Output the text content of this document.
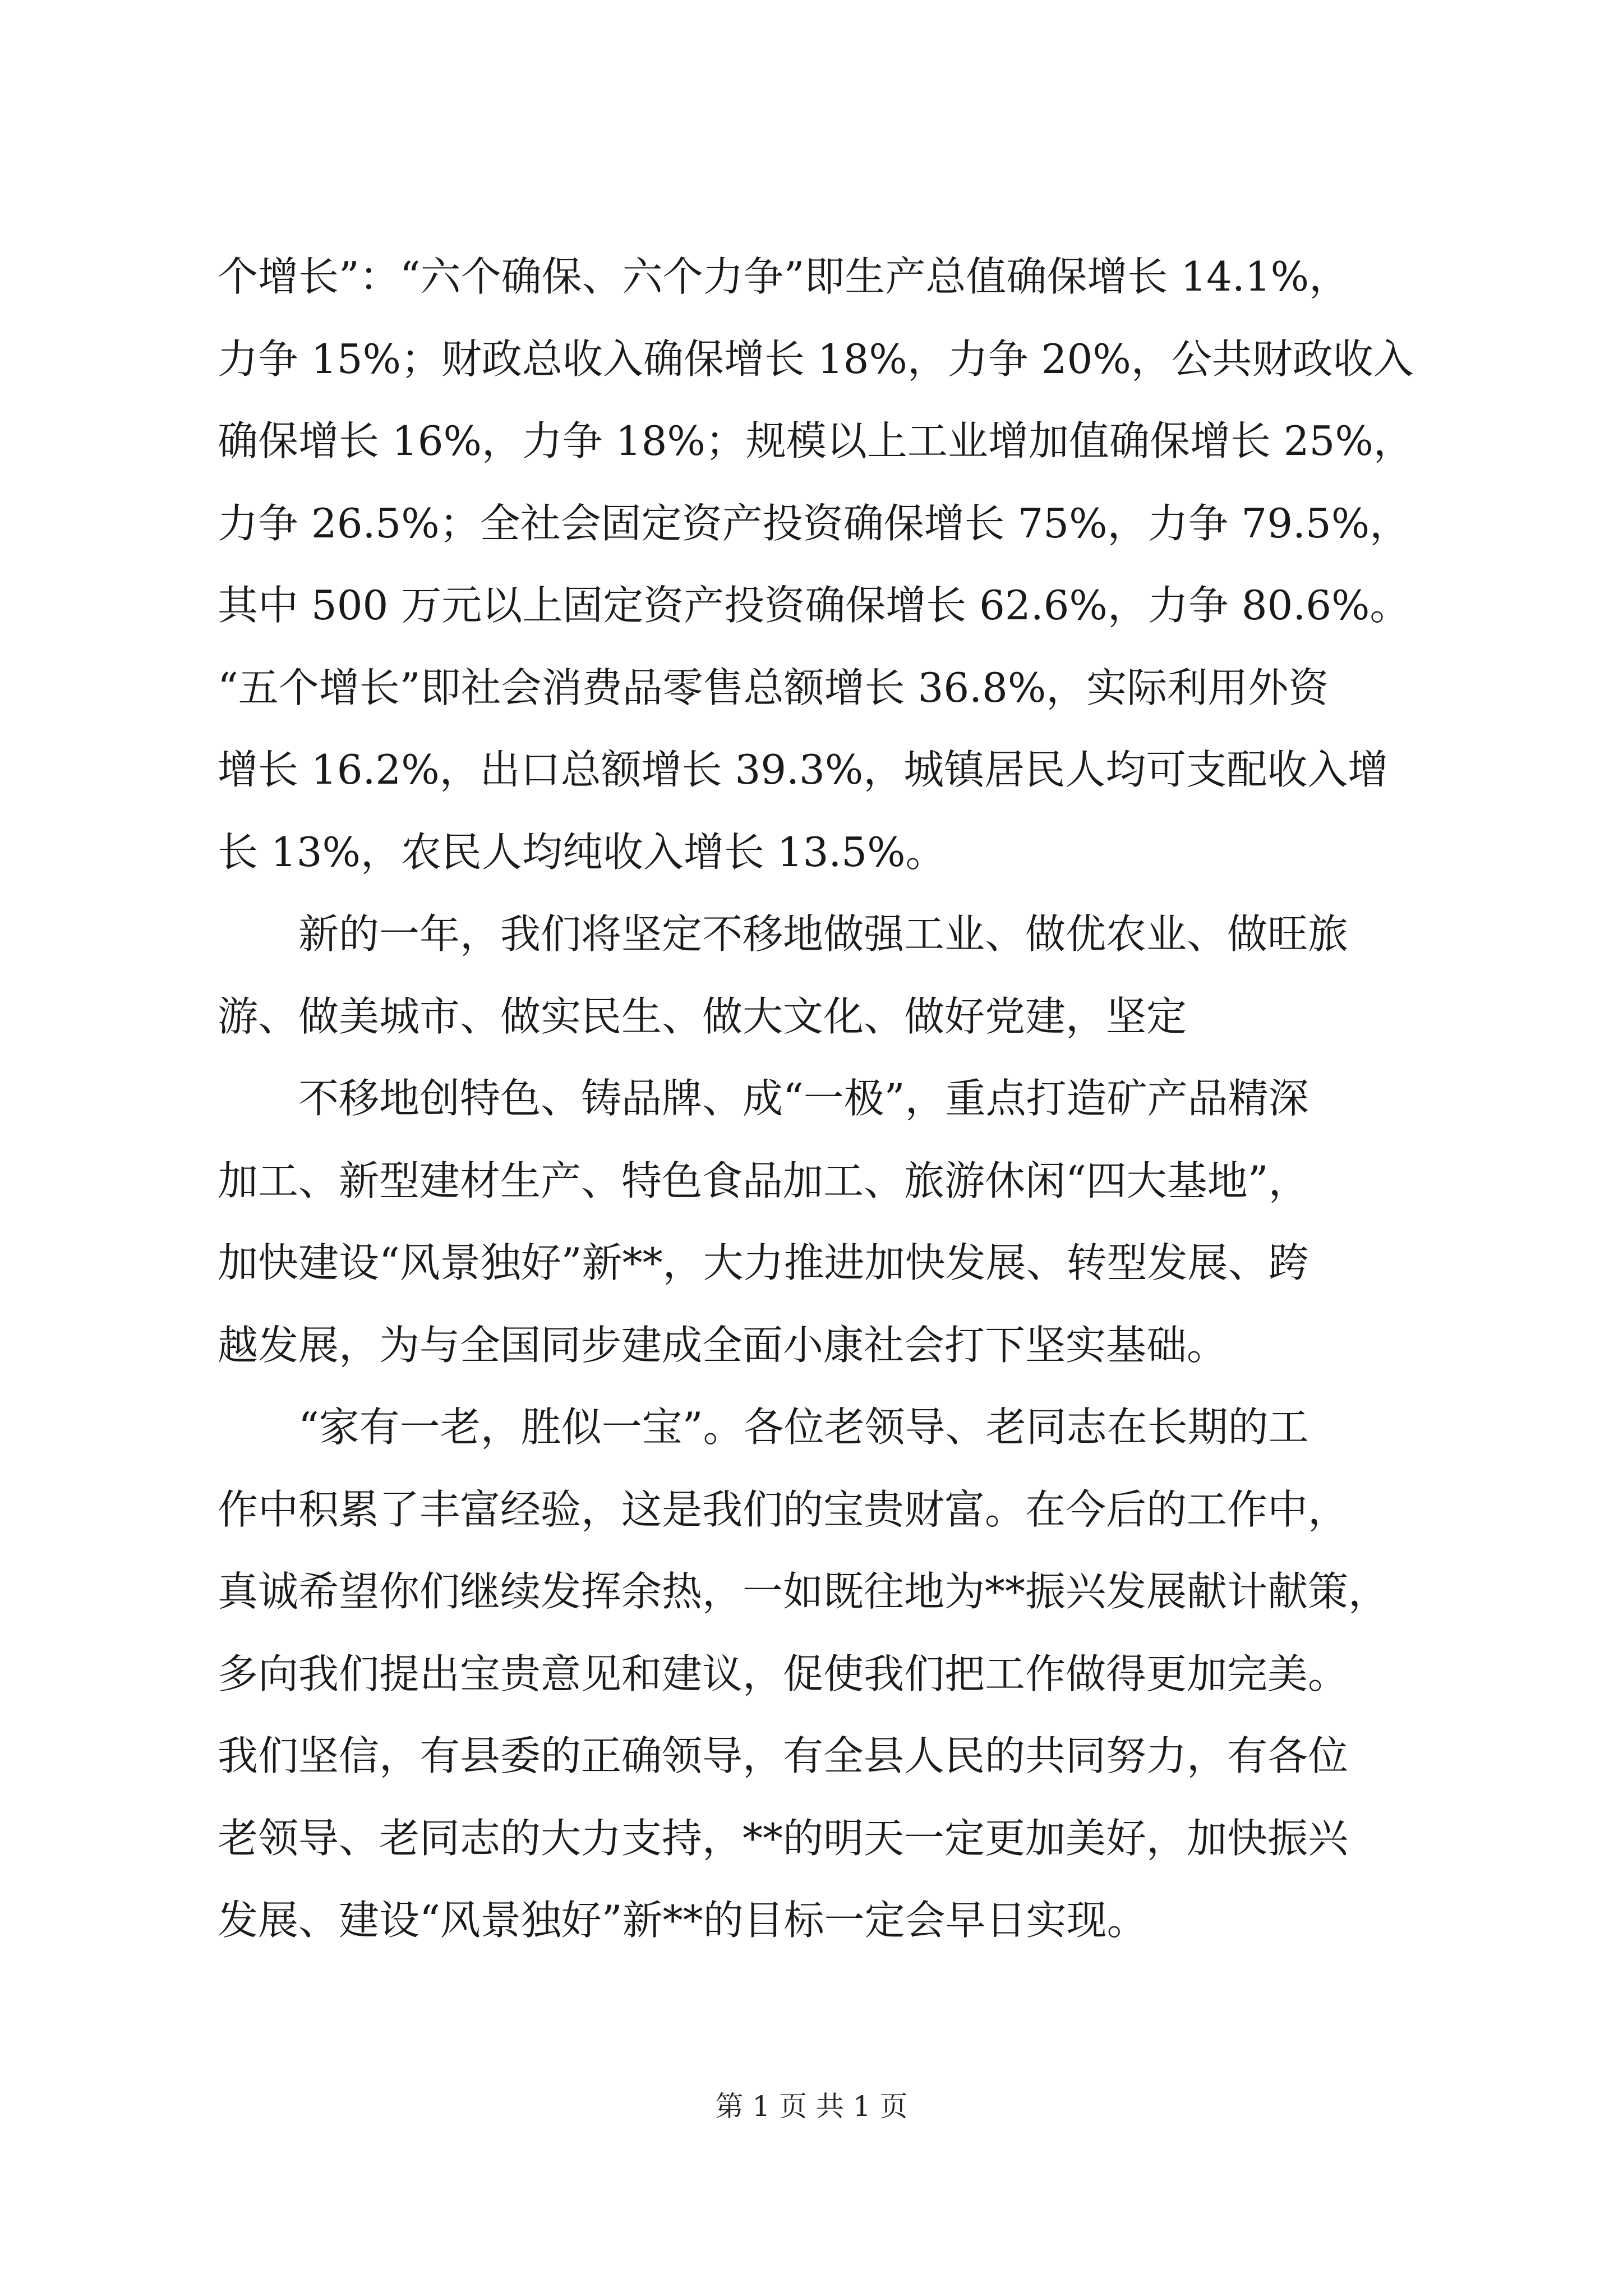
个增长”：“六个确保、六个力争”即生产总值确保增长 14.1%，
力争 15%；财政总收入确保增长 18%，力争 20%，公共财政收入
确保增长 16%，力争 18%；规模以上工业增加值确保增长 25%，
力争 26.5%；全社会固定资产投资确保增长 75%，力争 79.5%，
其中 500 万元以上固定资产投资确保增长 62.6%，力争 80.6%。
“五个增长”即社会消费品零售总额增长 36.8%，实际利用外资
增长 16.2%，出口总额增长 39.3%，城镇居民人均可支配收入增
长 13%，农民人均纯收入增长 13.5%。
新的一年，我们将坚定不移地做强工业、做优农业、做旺旅
游、做美城市、做实民生、做大文化、做好党建，坚定
不移地创特色、铸品牌、成“一极”，重点打造矿产品精深
加工、新型建材生产、特色食品加工、旅游休闲“四大基地”，
加快建设“风景独好”新**，大力推进加快发展、转型发展、跨
越发展，为与全国同步建成全面小康社会打下坚实基础。
“家有一老，胜似一宝”。各位老领导、老同志在长期的工
作中积累了丰富经验，这是我们的宝贵财富。在今后的工作中，
真诚希望你们继续发挥余热，一如既往地为**振兴发展献计献策，
多向我们提出宝贵意见和建议，促使我们把工作做得更加完美。
我们坚信，有县委的正确领导，有全县人民的共同努力，有各位
老领导、老同志的大力支持，**的明天一定更加美好，加快振兴
发展、建设“风景独好”新**的目标一定会早日实现。
第 1 页 共 1 页
